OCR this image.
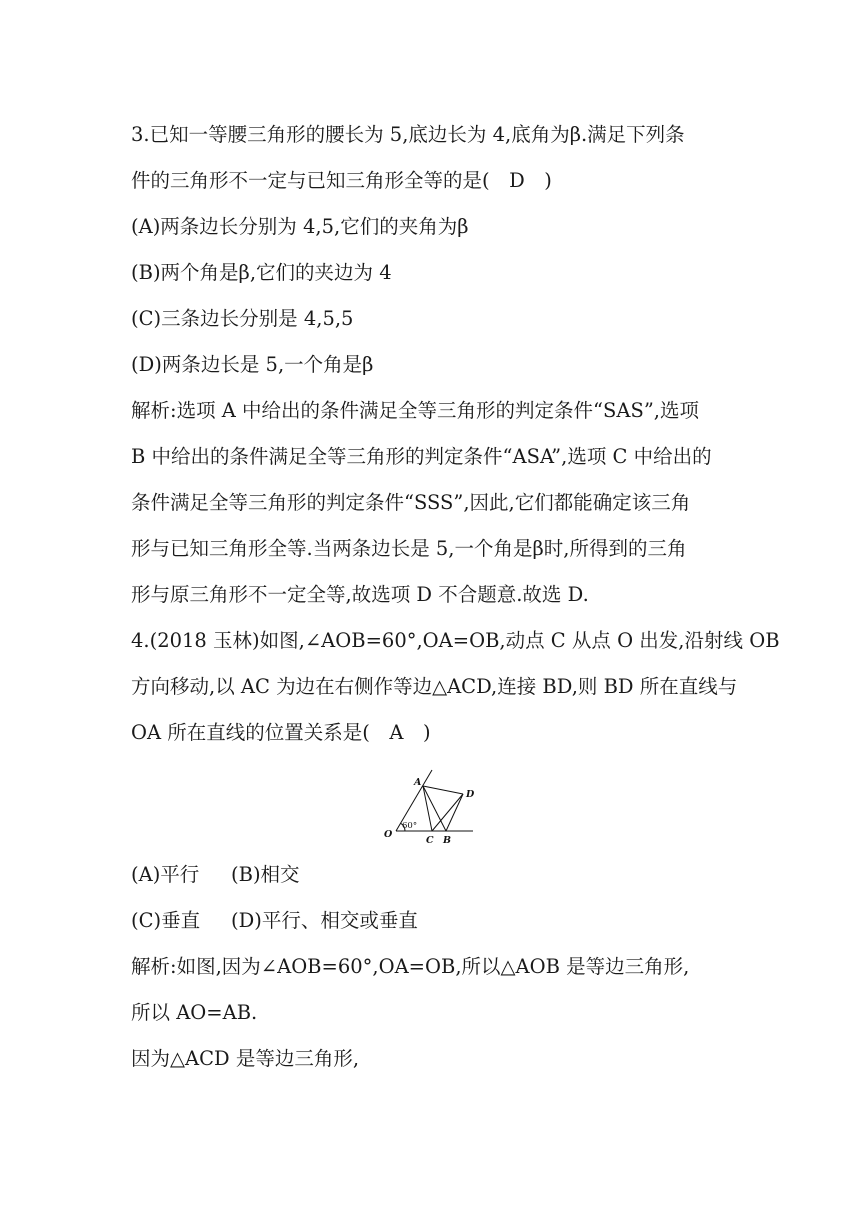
3.已知一等腰三角形的腰长为 5,底边长为 4,底角为β.满足下列条
件的三角形不一定与已知三角形全等的是(　D　)
(A)两条边长分别为 4,5,它们的夹角为β
(B)两个角是β,它们的夹边为 4
(C)三条边长分别是 4,5,5
(D)两条边长是 5,一个角是β
解析:选项 A 中给出的条件满足全等三角形的判定条件“SAS”,选项
B 中给出的条件满足全等三角形的判定条件“ASA”,选项 C 中给出的
条件满足全等三角形的判定条件“SSS”,因此,它们都能确定该三角
形与已知三角形全等.当两条边长是 5,一个角是β时,所得到的三角
形与原三角形不一定全等,故选项 D 不合题意.故选 D.
4.(2018 玉林)如图,∠AOB=60°,OA=OB,动点 C 从点 O 出发,沿射线 OB
方向移动,以 AC 为边在右侧作等边△ACD,连接 BD,则 BD 所在直线与
OA 所在直线的位置关系是(　A　)
A
D
O
C B
60°
(A)平行 (B)相交
(C)垂直 (D)平行、相交或垂直
解析:如图,因为∠AOB=60°,OA=OB,所以△AOB 是等边三角形,
所以 AO=AB.
因为△ACD 是等边三角形,
